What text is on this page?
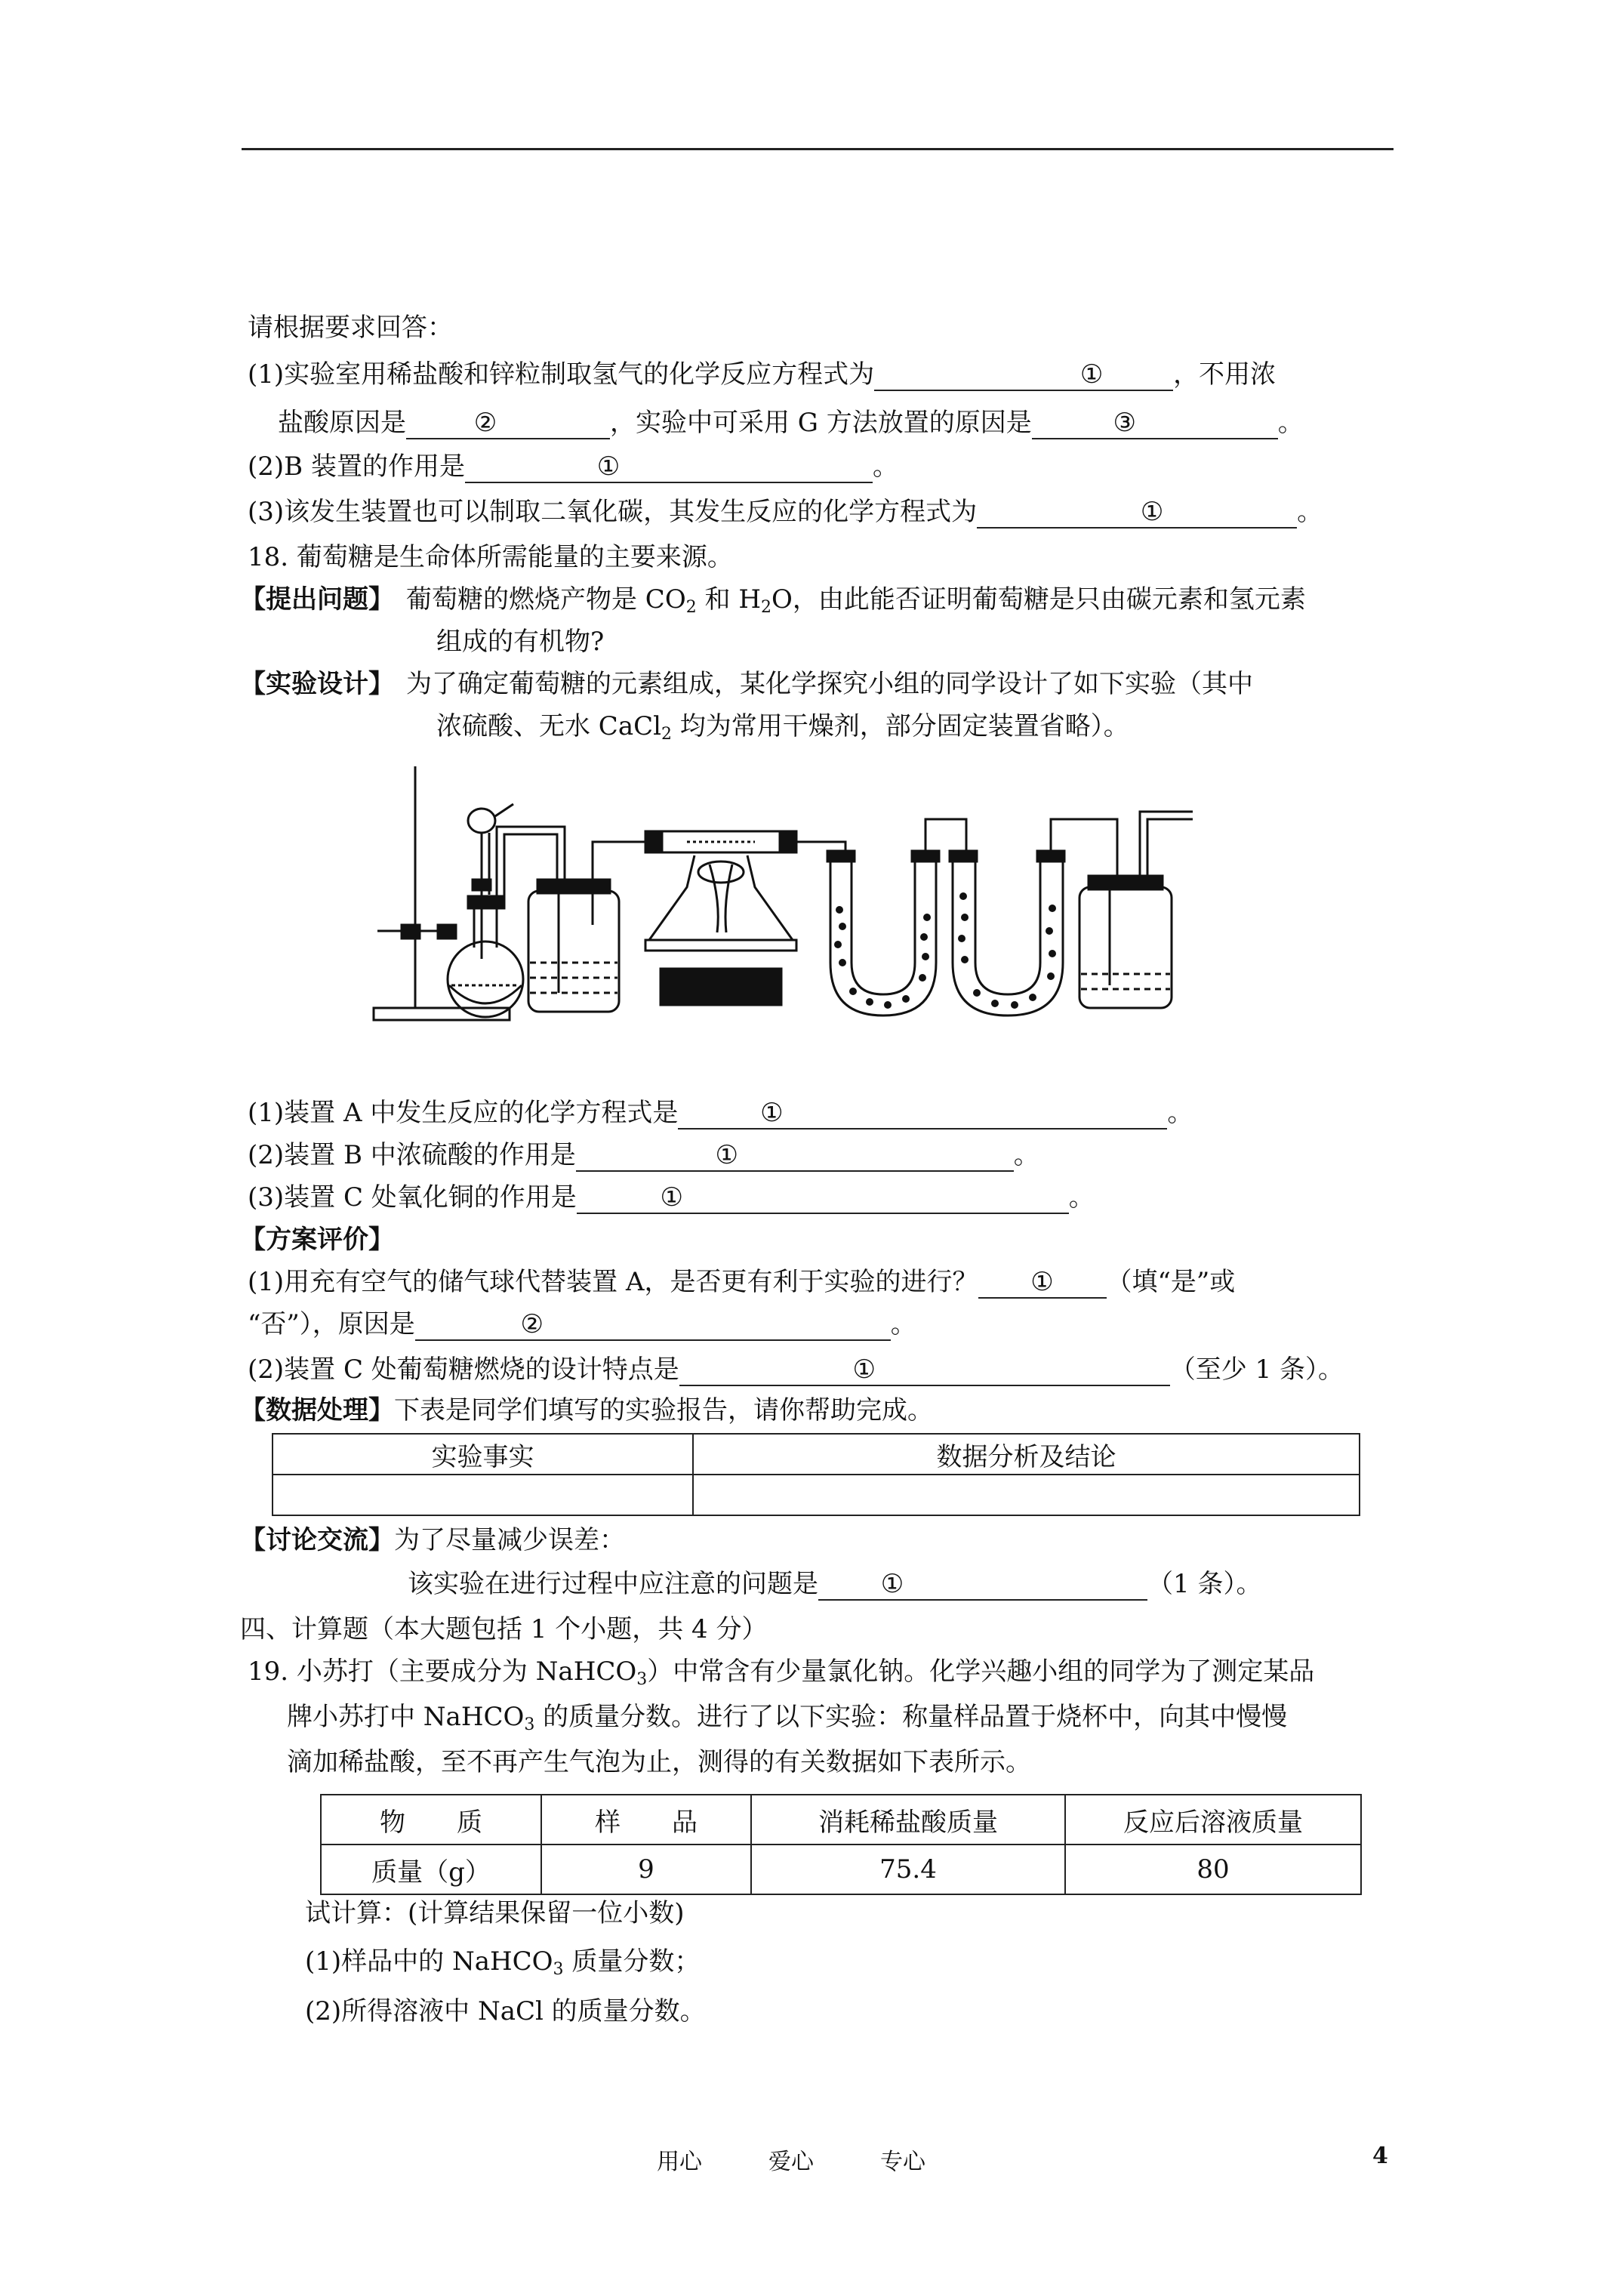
请根据要求回答：
(1)实验室用稀盐酸和锌粒制取氢气的化学反应方程式为	①	，不用浓
盐酸原因是	②	，实验中可采用 G 方法放置的原因是	③	。
(2)B 装置的作用是	①	。
(3)该发生装置也可以制取二氧化碳，其发生反应的化学方程式为	①	。
18. 葡萄糖是生命体所需能量的主要来源。
【提出问题】 葡萄糖的燃烧产物是 $CO_2$ 和 $H_2O$，由此能否证明葡萄糖是只由碳元素和氢元素
组成的有机物?
【实验设计】 为了确定葡萄糖的元素组成，某化学探究小组的同学设计了如下实验（其中
浓硫酸、无水 CaCl$_2$ 均为常用干燥剂，部分固定装置省略）。
(1)装置 A 中发生反应的化学方程式是	①	。
(2)装置 B 中浓硫酸的作用是	①	。
(3)装置 C 处氧化铜的作用是	①	。
【方案评价】
(1)用充有空气的储气球代替装置 A，是否更有利于实验的进行？ ① （填“是”或
“否”），原因是	②	。
(2)装置 C 处葡萄糖燃烧的设计特点是	①	（至少 1 条）。
【数据处理】下表是同学们填写的实验报告，请你帮助完成。
实验事实	数据分析及结论

【讨论交流】为了尽量减少误差：
该实验在进行过程中应注意的问题是 ①	（1 条）。
四、计算题（本大题包括 1 个小题，共 4 分）
19. 小苏打（主要成分为 NaHCO$_3$）中常含有少量氯化钠。化学兴趣小组的同学为了测定某品
牌小苏打中 NaHCO$_3$ 的质量分数。进行了以下实验：称量样品置于烧杯中，向其中慢慢
滴加稀盐酸，至不再产生气泡为止，测得的有关数据如下表所示。
物　　质	样　　品	消耗稀盐酸质量	反应后溶液质量
质量（g）	9	75.4	80
试计算：(计算结果保留一位小数)
(1)样品中的 NaHCO$_3$ 质量分数；
(2)所得溶液中 NaCl 的质量分数。
用心	爱心	专心	4
